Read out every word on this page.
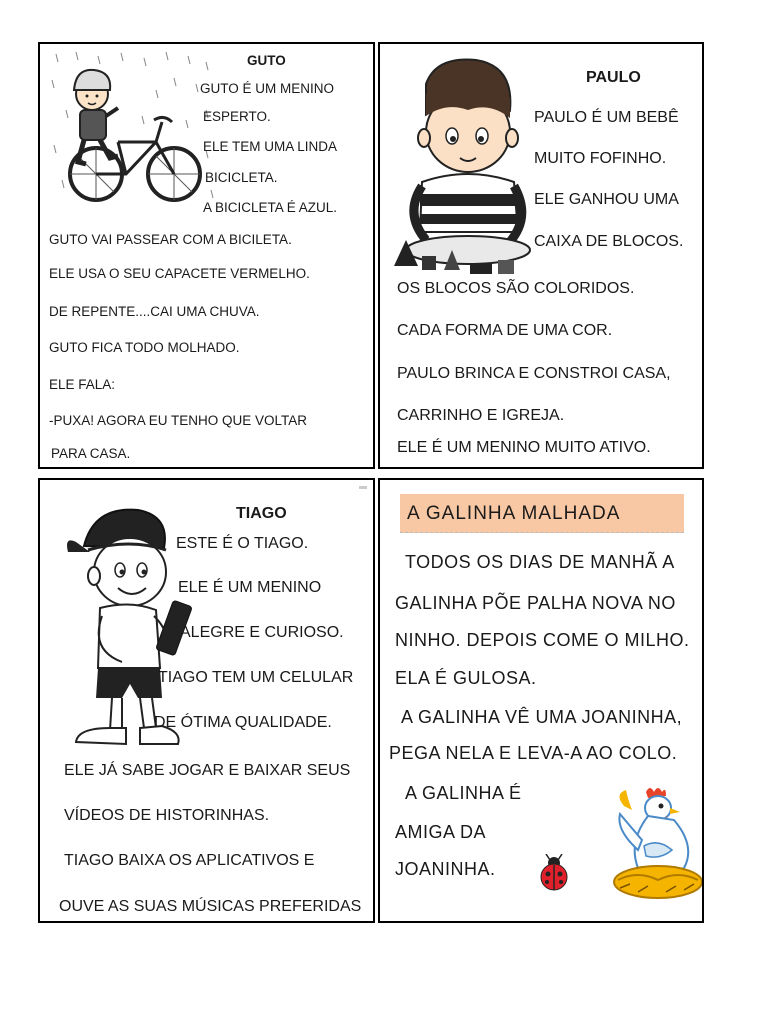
GUTO
GUTO É UM MENINO
ESPERTO.
ELE TEM UMA LINDA
BICICLETA.
A BICICLETA É AZUL.
GUTO VAI PASSEAR COM A BICILETA.
ELE USA O SEU CAPACETE VERMELHO.
DE REPENTE....CAI UMA CHUVA.
GUTO FICA TODO MOLHADO.
ELE FALA:
-PUXA! AGORA EU TENHO QUE VOLTAR
PARA CASA.
PAULO
PAULO É UM BEBÊ
MUITO FOFINHO.
ELE GANHOU UMA
CAIXA DE BLOCOS.
OS BLOCOS SÃO COLORIDOS.
CADA FORMA DE UMA COR.
PAULO BRINCA E CONSTROI CASA,
CARRINHO E IGREJA.
ELE É UM MENINO MUITO ATIVO.
TIAGO
ESTE É O TIAGO.
ELE É UM MENINO
ALEGRE E CURIOSO.
TIAGO TEM UM CELULAR
DE ÓTIMA QUALIDADE.
ELE JÁ SABE JOGAR E BAIXAR SEUS
VÍDEOS DE HISTORINHAS.
TIAGO BAIXA OS APLICATIVOS E
OUVE AS SUAS MÚSICAS PREFERIDAS
A GALINHA MALHADA
TODOS OS DIAS DE MANHÃ A
GALINHA PÕE PALHA NOVA NO
NINHO. DEPOIS COME O MILHO.
ELA É GULOSA.
A GALINHA VÊ UMA JOANINHA,
PEGA NELA E LEVA-A AO COLO.
A GALINHA É
AMIGA DA
JOANINHA.
